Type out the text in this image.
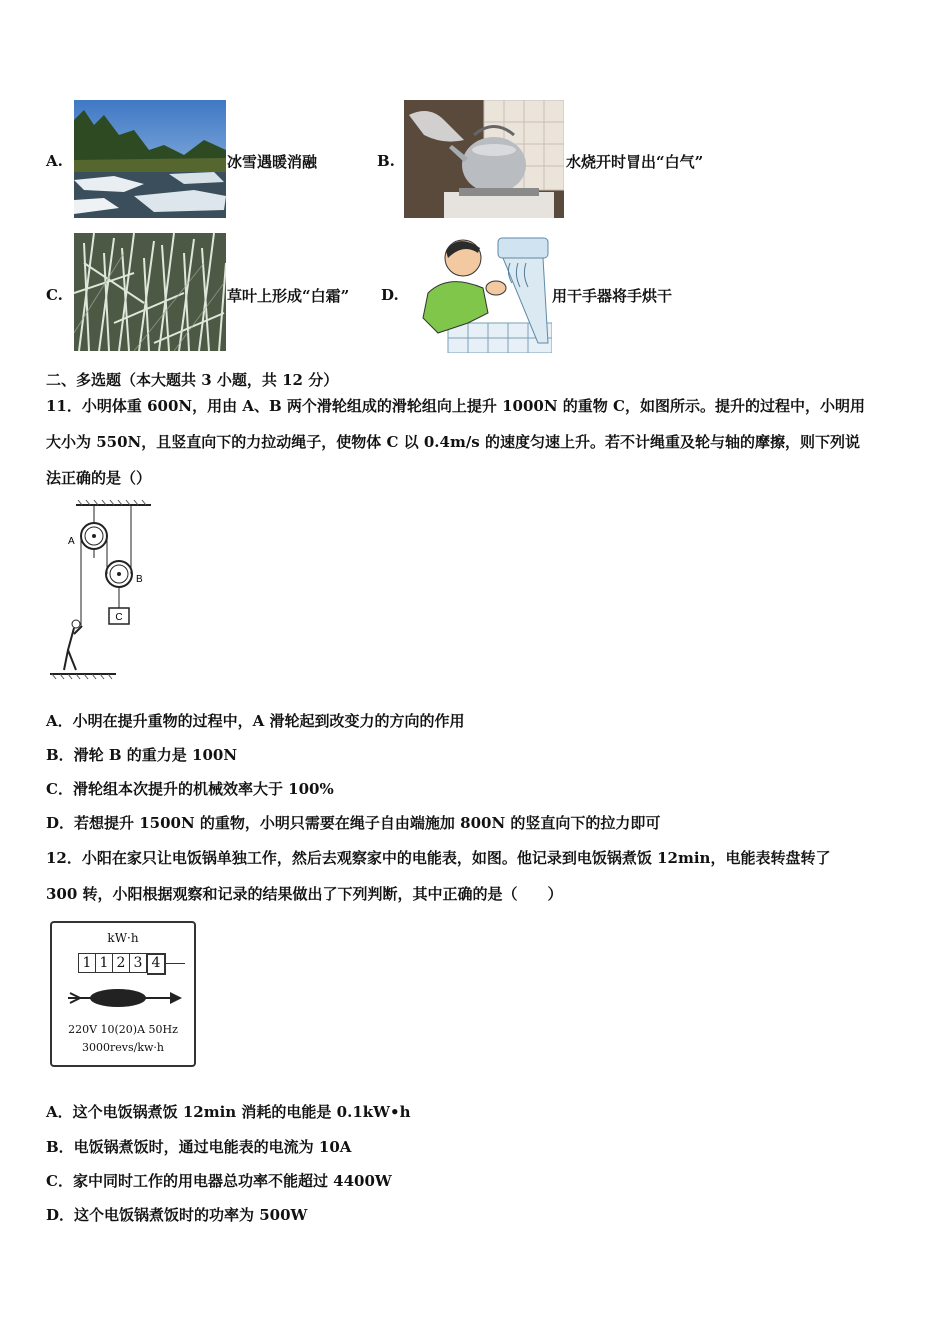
A.	冰雪遇暖消融	B.	水烧开时冒出“白气”
C.	草叶上形成“白霜” D.	用干手器将手烘干
二、多选题（本大题共 3 小题，共 12 分）
11．小明体重 600N，用由 A、B 两个滑轮组成的滑轮组向上提升 1000N 的重物 C，如图所示。提升的过程中，小明用
大小为 550N，且竖直向下的力拉动绳子，使物体 C 以 0.4m/s 的速度匀速上升。若不计绳重及轮与轴的摩擦，则下列说
法正确的是（）
C
A
B
A．小明在提升重物的过程中，A 滑轮起到改变力的方向的作用
B．滑轮 B 的重力是 100N
C．滑轮组本次提升的机械效率大于 100%
D．若想提升 1500N 的重物，小明只需要在绳子自由端施加 800N 的竖直向下的拉力即可
12．小阳在家只让电饭锅单独工作，然后去观察家中的电能表，如图。他记录到电饭锅煮饭 12min，电能表转盘转了
300 转，小阳根据观察和记录的结果做出了下列判断，其中正确的是（　　）
kW·h
1 1 2 3 4
220V 10(20)A 50Hz
3000revs/kw·h
A．这个电饭锅煮饭 12min 消耗的电能是 0.1kW•h
B．电饭锅煮饭时，通过电能表的电流为 10A
C．家中同时工作的用电器总功率不能超过 4400W
D．这个电饭锅煮饭时的功率为 500W
